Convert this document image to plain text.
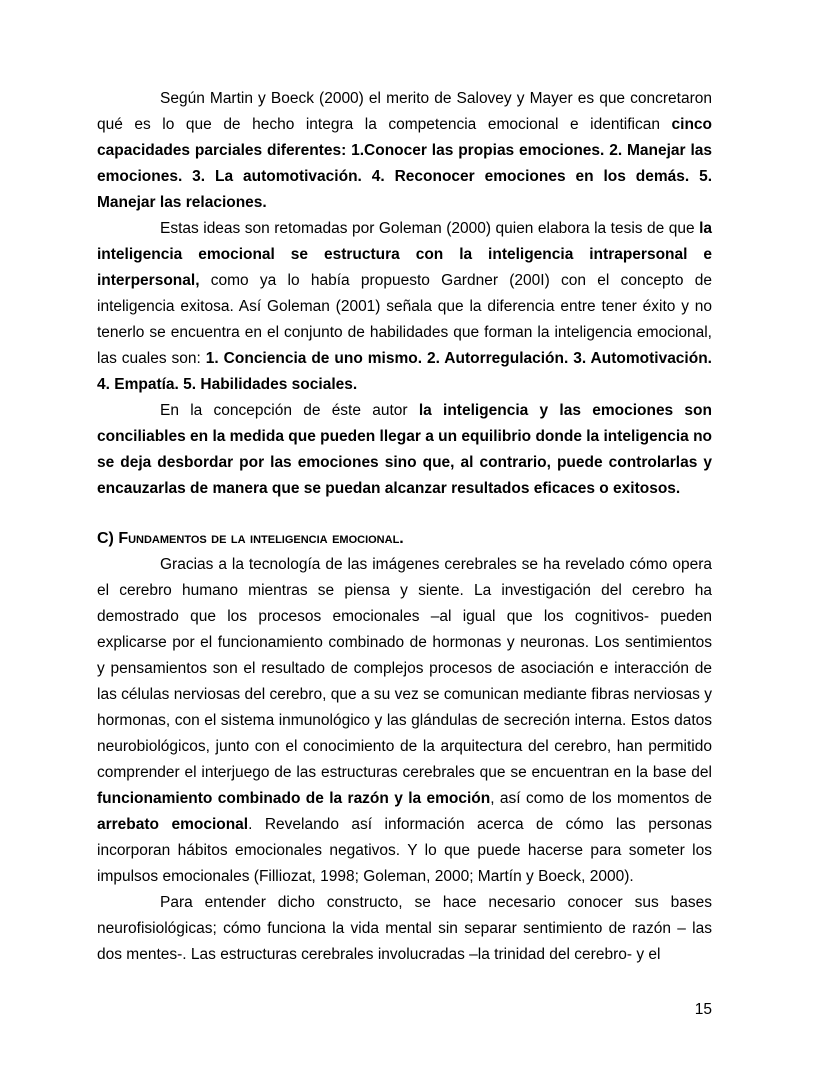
Según Martin y Boeck (2000) el merito de Salovey y Mayer es que concretaron qué es lo que de hecho integra la competencia emocional e identifican cinco capacidades parciales diferentes: 1.Conocer las propias emociones. 2. Manejar las emociones. 3. La automotivación. 4. Reconocer emociones en los demás. 5. Manejar las relaciones.

Estas ideas son retomadas por Goleman (2000) quien elabora la tesis de que la inteligencia emocional se estructura con la inteligencia intrapersonal e interpersonal, como ya lo había propuesto Gardner (200I) con el concepto de inteligencia exitosa. Así Goleman (2001) señala que la diferencia entre tener éxito y no tenerlo se encuentra en el conjunto de habilidades que forman la inteligencia emocional, las cuales son: 1. Conciencia de uno mismo. 2. Autorregulación. 3. Automotivación. 4. Empatía. 5. Habilidades sociales.

En la concepción de éste autor la inteligencia y las emociones son conciliables en la medida que pueden llegar a un equilibrio donde la inteligencia no se deja desbordar por las emociones sino que, al contrario, puede controlarlas y encauzarlas de manera que se puedan alcanzar resultados eficaces o exitosos.

C) Fundamentos de la inteligencia emocional.

Gracias a la tecnología de las imágenes cerebrales se ha revelado cómo opera el cerebro humano mientras se piensa y siente. La investigación del cerebro ha demostrado que los procesos emocionales –al igual que los cognitivos- pueden explicarse por el funcionamiento combinado de hormonas y neuronas. Los sentimientos y pensamientos son el resultado de complejos procesos de asociación e interacción de las células nerviosas del cerebro, que a su vez se comunican mediante fibras nerviosas y hormonas, con el sistema inmunológico y las glándulas de secreción interna. Estos datos neurobiológicos, junto con el conocimiento de la arquitectura del cerebro, han permitido comprender el interjuego de las estructuras cerebrales que se encuentran en la base del funcionamiento combinado de la razón y la emoción, así como de los momentos de arrebato emocional. Revelando así información acerca de cómo las personas incorporan hábitos emocionales negativos. Y lo que puede hacerse para someter los impulsos emocionales (Filliozat, 1998; Goleman, 2000; Martín y Boeck, 2000).

Para entender dicho constructo, se hace necesario conocer sus bases neurofisiológicas; cómo funciona la vida mental sin separar sentimiento de razón – las dos mentes-. Las estructuras cerebrales involucradas –la trinidad del cerebro- y el

15
